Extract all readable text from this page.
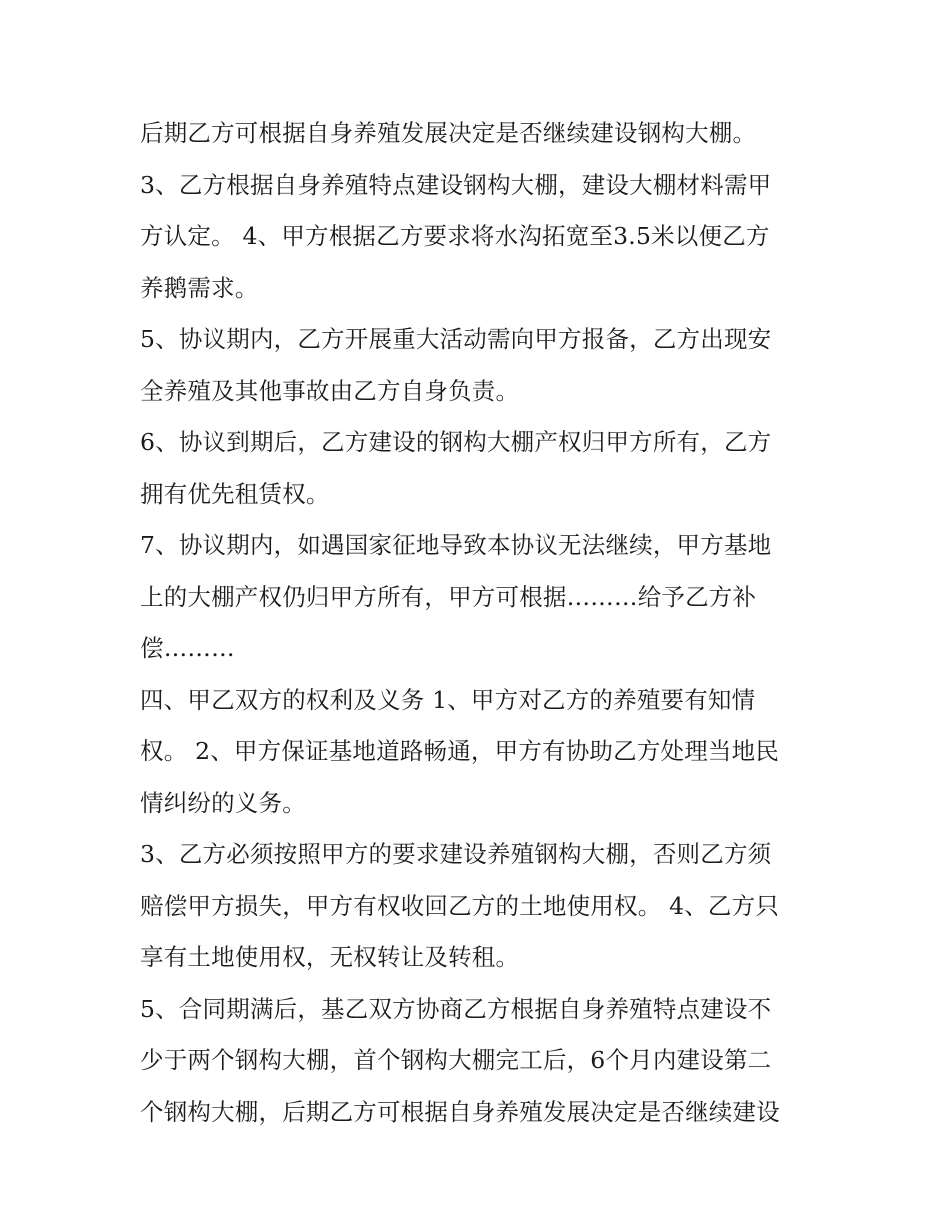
后期乙方可根据自身养殖发展决定是否继续建设钢构大棚。
3、乙方根据自身养殖特点建设钢构大棚，建设大棚材料需甲
方认定。 4、甲方根据乙方要求将水沟拓宽至3.5米以便乙方
养鹅需求。
5、协议期内，乙方开展重大活动需向甲方报备，乙方出现安
全养殖及其他事故由乙方自身负责。
6、协议到期后，乙方建设的钢构大棚产权归甲方所有，乙方
拥有优先租赁权。
7、协议期内，如遇国家征地导致本协议无法继续，甲方基地
上的大棚产权仍归甲方所有，甲方可根据………给予乙方补
偿………
四、甲乙双方的权利及义务 1、甲方对乙方的养殖要有知情
权。 2、甲方保证基地道路畅通，甲方有协助乙方处理当地民
情纠纷的义务。
3、乙方必须按照甲方的要求建设养殖钢构大棚，否则乙方须
赔偿甲方损失，甲方有权收回乙方的土地使用权。 4、乙方只
享有土地使用权，无权转让及转租。
5、合同期满后，基乙双方协商乙方根据自身养殖特点建设不
少于两个钢构大棚，首个钢构大棚完工后，6个月内建设第二
个钢构大棚，后期乙方可根据自身养殖发展决定是否继续建设
